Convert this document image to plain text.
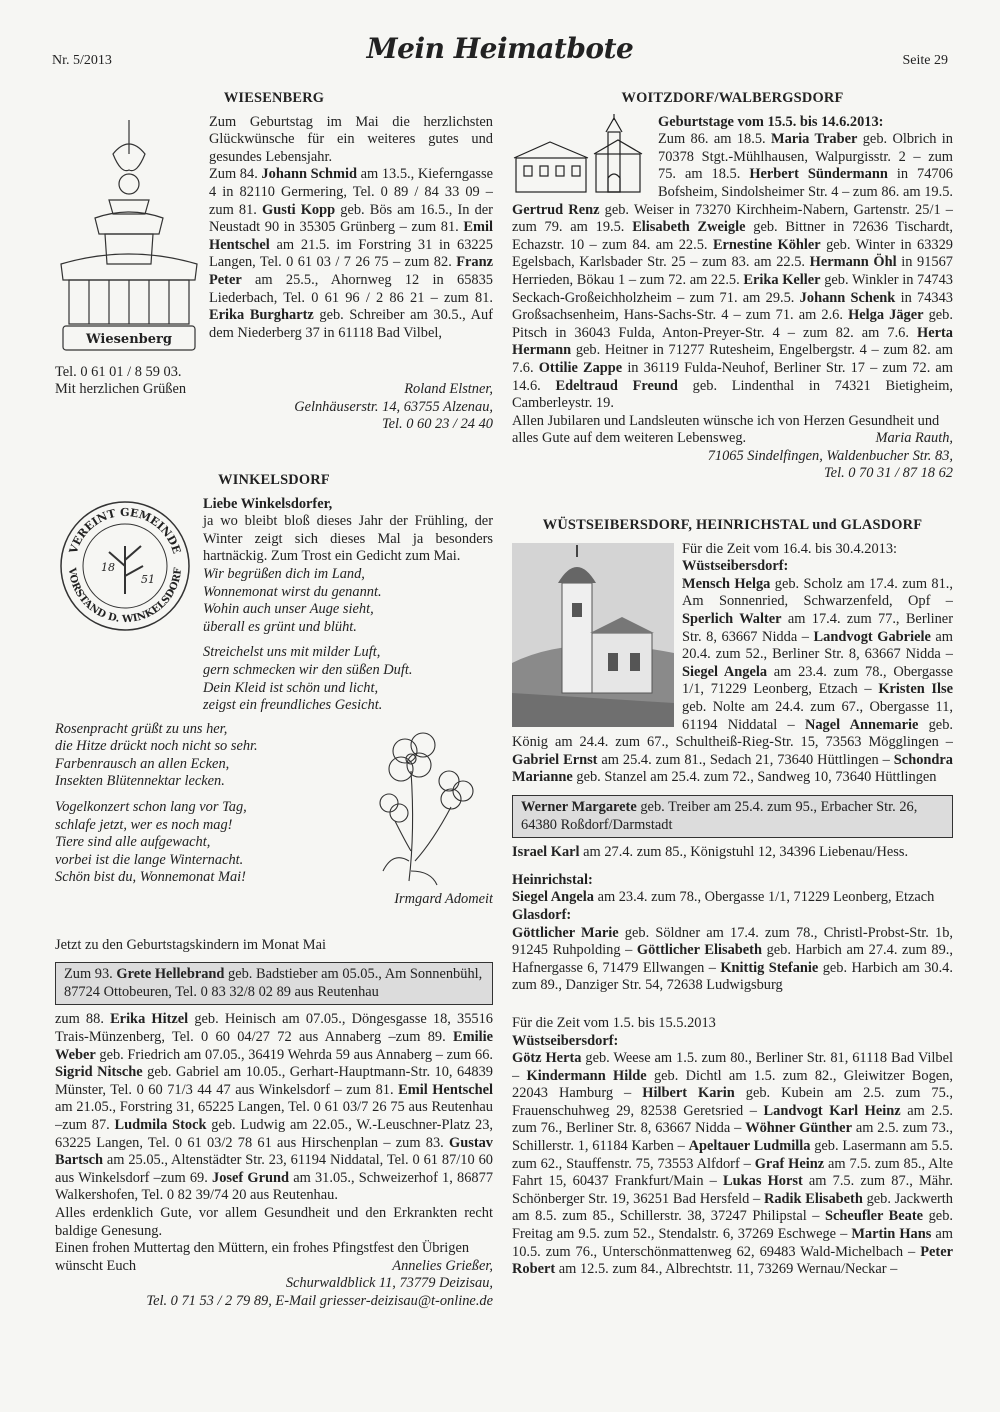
Nr. 5/2013	Mein Heimatbote	Seite 29
WIESENBERG
Wiesenberg

Zum Geburtstag im Mai die herzlichsten Glückwünsche für ein weiteres gutes und gesundes Lebensjahr.

Zum 84. Johann Schmid am 13.5., Kieferngasse 4 in 82110 Germering, Tel. 0 89 / 84 33 09 – zum 81. Gusti Kopp geb. Bös am 16.5., In der Neustadt 90 in 35305 Grünberg – zum 81. Emil Hentschel am 21.5. im Forstring 31 in 63225 Langen, Tel. 0 61 03 / 7 26 75 – zum 82. Franz Peter am 25.5., Ahornweg 12 in 65835 Liederbach, Tel. 0 61 96 / 2 86 21 – zum 81. Erika Burghartz geb. Schreiber am 30.5., Auf dem Niederberg 37 in 61118 Bad Vilbel,

Tel. 0 61 01 / 8 59 03.

Mit herzlichen Grüßen	Roland Elstner,

Gelnhäuserstr. 14, 63755 Alzenau,

Tel. 0 60 23 / 24 40

WINKELSDORF
VEREINT GEMEINDE
VORSTAND D. WINKELSDORF
18
51

Liebe Winkelsdorfer,

ja wo bleibt bloß dieses Jahr der Frühling, der Winter zeigt sich dieses Mal ja besonders hartnäckig. Zum Trost ein Gedicht zum Mai.

Wir begrüßen dich im Land,
Wonnemonat wirst du genannt.
Wohin auch unser Auge sieht,
überall es grünt und blüht.
Streichelst uns mit milder Luft,
gern schmecken wir den süßen Duft.
Dein Kleid ist schön und licht,
zeigst ein freundliches Gesicht.
Rosenpracht grüßt zu uns her,
die Hitze drückt noch nicht so sehr.
Farbenrausch an allen Ecken,
Insekten Blütennektar lecken.
Vogelkonzert schon lang vor Tag,
schlafe jetzt, wer es noch mag!
Tiere sind alle aufgewacht,
vorbei ist die lange Winternacht.
Schön bist du, Wonnemonat Mai!

Irmgard Adomeit

Jetzt zu den Geburtstagskindern im Monat Mai

Zum 93. Grete Hellebrand geb. Badstieber am 05.05., Am Sonnenbühl, 87724 Ottobeuren, Tel. 0 83 32/8 02 89 aus Reutenhau

zum 88. Erika Hitzel geb. Heinisch am 07.05., Döngesgasse 18, 35516 Trais-Münzenberg, Tel. 0 60 04/27 72 aus Annaberg –zum 89. Emilie Weber geb. Friedrich am 07.05., 36419 Wehrda 59 aus Annaberg – zum 66. Sigrid Nitsche geb. Gabriel am 10.05., Gerhart-Hauptmann-Str. 10, 64839 Münster, Tel. 0 60 71/3 44 47 aus Winkelsdorf – zum 81. Emil Hentschel am 21.05., Forstring 31, 65225 Langen, Tel. 0 61 03/7 26 75 aus Reutenhau –zum 87. Ludmila Stock geb. Ludwig am 22.05., W.-Leuschner-Platz 23, 63225 Langen, Tel. 0 61 03/2 78 61 aus Hirschenplan – zum 83. Gustav Bartsch am 25.05., Altenstädter Str. 23, 61194 Niddatal, Tel. 0 61 87/10 60 aus Winkelsdorf –zum 69. Josef Grund am 31.05., Schweizerhof 1, 86877 Walkershofen, Tel. 0 82 39/74 20 aus Reutenhau.

Alles erdenklich Gute, vor allem Gesundheit und den Erkrankten recht baldige Genesung.

Einen frohen Muttertag den Müttern, ein frohes Pfingstfest den Übrigen wünscht Euch	Annelies Grießer,

Schurwaldblick 11, 73779 Deizisau,

Tel. 0 71 53 / 2 79 89, E-Mail griesser-deizisau@t-online.de

WOITZDORF/WALBERGSDORF

Geburtstage vom 15.5. bis 14.6.2013:

Zum 86. am 18.5. Maria Traber geb. Olbrich in 70378 Stgt.-Mühlhausen, Walpurgisstr. 2 – zum 75. am 18.5. Herbert Sündermann in 74706 Bofsheim, Sindolsheimer Str. 4 – zum 86. am 19.5. Gertrud Renz geb. Weiser in 73270 Kirchheim-Nabern, Gartenstr. 25/1 – zum 79. am 19.5. Elisabeth Zweigle geb. Bittner in 72636 Tischardt, Echazstr. 10 – zum 84. am 22.5. Ernestine Köhler geb. Winter in 63329 Egelsbach, Karlsbader Str. 25 – zum 83. am 22.5. Hermann Öhl in 91567 Herrieden, Bökau 1 – zum 72. am 22.5. Erika Keller geb. Winkler in 74743 Seckach-Großeichholzheim – zum 71. am 29.5. Johann Schenk in 74343 Großsachsenheim, Hans-Sachs-Str. 4 – zum 71. am 2.6. Helga Jäger geb. Pitsch in 36043 Fulda, Anton-Preyer-Str. 4 – zum 82. am 7.6. Herta Hermann geb. Heitner in 71277 Rutesheim, Engelbergstr. 4 – zum 82. am 7.6. Ottilie Zappe in 36119 Fulda-Neuhof, Berliner Str. 17 – zum 72. am 14.6. Edeltraud Freund geb. Lindenthal in 74321 Bietigheim, Camberleystr. 19.

Allen Jubilaren und Landsleuten wünsche ich von Herzen Gesundheit und alles Gute auf dem weiteren Lebensweg.	Maria Rauth,

71065 Sindelfingen, Waldenbucher Str. 83,

Tel. 0 70 31 / 87 18 62

WÜSTSEIBERSDORF, HEINRICHSTAL und GLASDORF

Für die Zeit vom 16.4. bis 30.4.2013:

Wüstseibersdorf:

Mensch Helga geb. Scholz am 17.4. zum 81., Am Sonnenried, Schwarzenfeld, Opf – Sperlich Walter am 17.4. zum 77., Berliner Str. 8, 63667 Nidda – Landvogt Gabriele am 20.4. zum 52., Berliner Str. 8, 63667 Nidda – Siegel Angela am 23.4. zum 78., Obergasse 1/1, 71229 Leonberg, Etzach – Kristen Ilse geb. Nolte am 24.4. zum 67., Obergasse 11, 61194 Niddatal – Nagel Annemarie geb. König am 24.4. zum 67., Schultheiß-Rieg-Str. 15, 73563 Mögglingen – Gabriel Ernst am 25.4. zum 81., Sedach 21, 73640 Hüttlingen – Schondra Marianne geb. Stanzel am 25.4. zum 72., Sandweg 10, 73640 Hüttlingen

Werner Margarete geb. Treiber am 25.4. zum 95., Erbacher Str. 26, 64380 Roßdorf/Darmstadt

Israel Karl am 27.4. zum 85., Königstuhl 12, 34396 Liebenau/Hess.

Heinrichstal:

Siegel Angela am 23.4. zum 78., Obergasse 1/1, 71229 Leonberg, Etzach

Glasdorf:

Göttlicher Marie geb. Söldner am 17.4. zum 78., Christl-Probst-Str. 1b, 91245 Ruhpolding – Göttlicher Elisabeth geb. Harbich am 27.4. zum 89., Hafnergasse 6, 71479 Ellwangen – Knittig Stefanie geb. Harbich am 30.4. zum 89., Danziger Str. 54, 72638 Ludwigsburg

Für die Zeit vom 1.5. bis 15.5.2013

Wüstseibersdorf:

Götz Herta geb. Weese am 1.5. zum 80., Berliner Str. 81, 61118 Bad Vilbel – Kindermann Hilde geb. Dichtl am 1.5. zum 82., Gleiwitzer Bogen, 22043 Hamburg – Hilbert Karin geb. Kubein am 2.5. zum 75., Frauenschuhweg 29, 82538 Geretsried – Landvogt Karl Heinz am 2.5. zum 76., Berliner Str. 8, 63667 Nidda – Wöhner Günther am 2.5. zum 73., Schillerstr. 1, 61184 Karben – Apeltauer Ludmilla geb. Lasermann am 5.5. zum 62., Stauffenstr. 75, 73553 Alfdorf – Graf Heinz am 7.5. zum 85., Alte Fahrt 15, 60437 Frankfurt/Main – Lukas Horst am 7.5. zum 87., Mähr. Schönberger Str. 19, 36251 Bad Hersfeld – Radik Elisabeth geb. Jackwerth am 8.5. zum 85., Schillerstr. 38, 37247 Philipstal – Scheufler Beate geb. Freitag am 9.5. zum 52., Stendalstr. 6, 37269 Eschwege – Martin Hans am 10.5. zum 76., Unterschönmattenweg 62, 69483 Wald-Michelbach – Peter Robert am 12.5. zum 84., Albrechtstr. 11, 73269 Wernau/Neckar –
